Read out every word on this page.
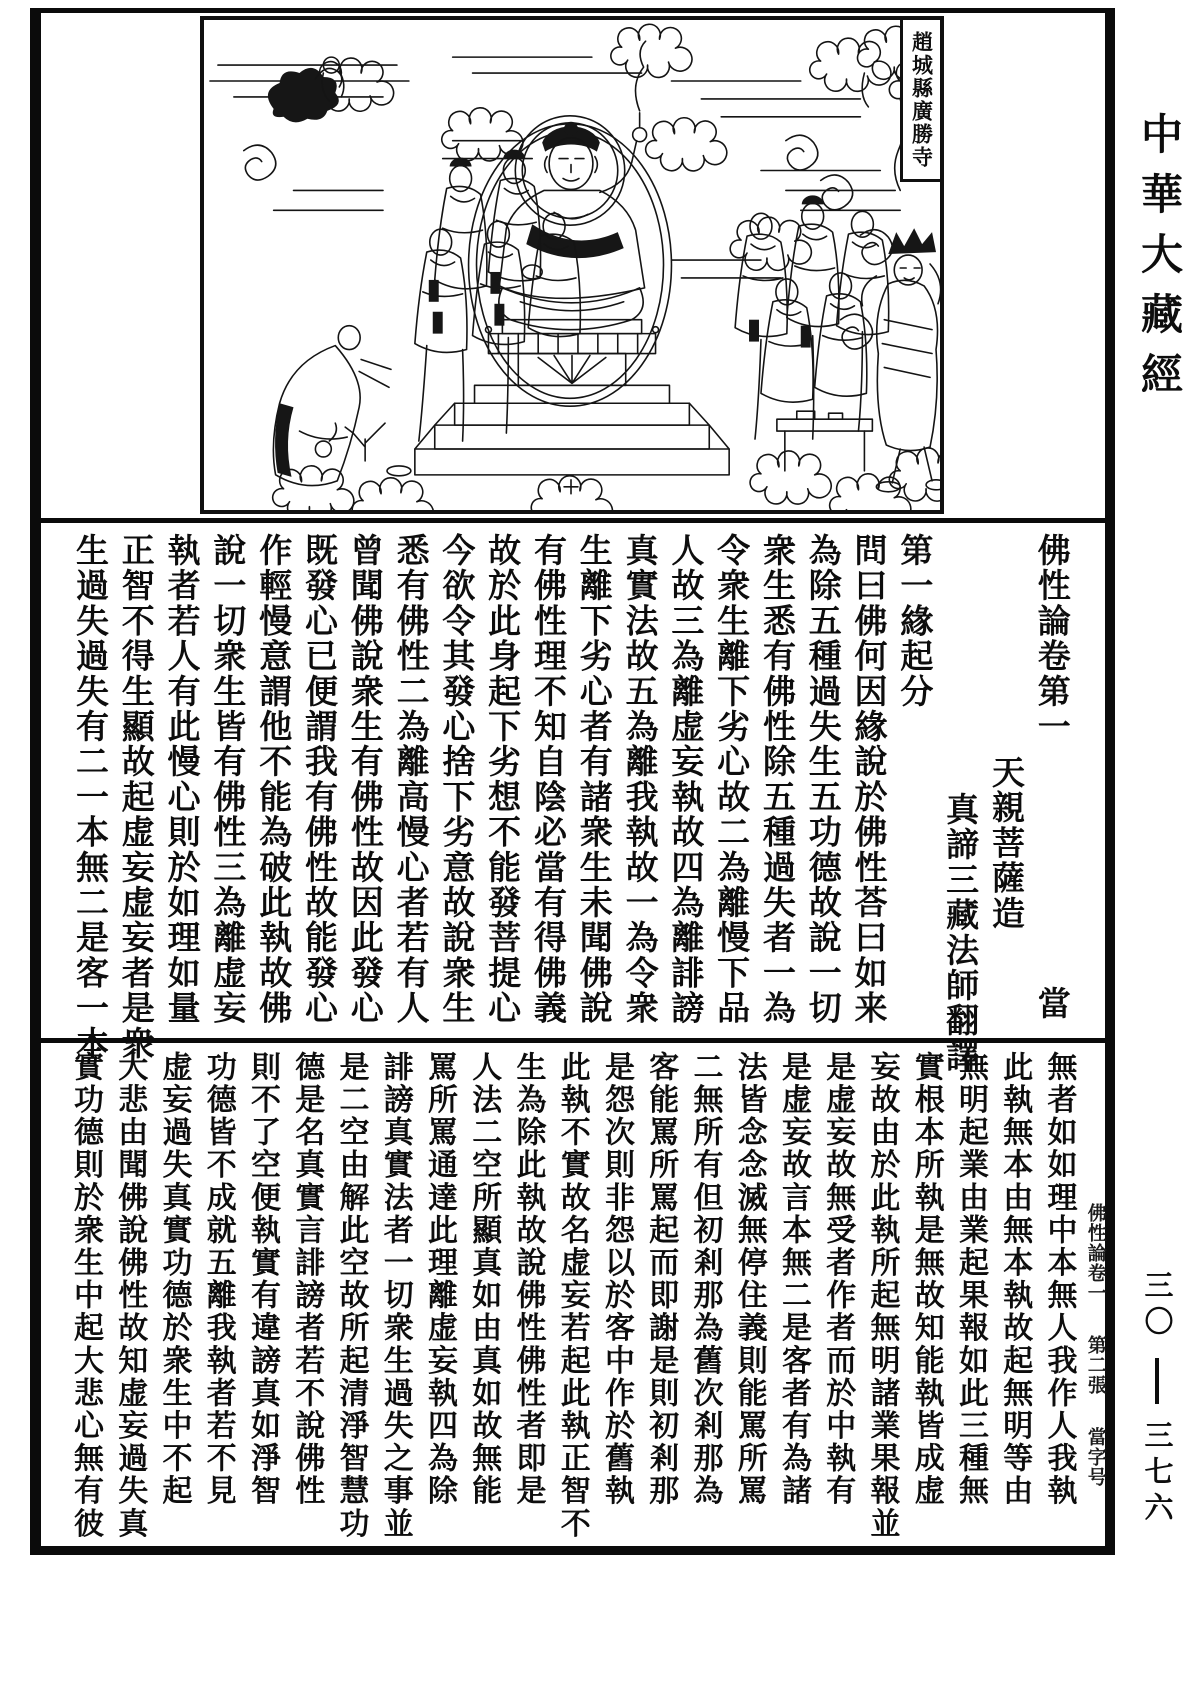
趙城縣廣勝寺
佛性論卷第一
當
天親菩薩造
真諦三藏法師翻譯
第一緣起分
問曰佛何因緣說於佛性荅曰如来
為除五種過失生五功德故說一切
衆生悉有佛性除五種過失者一為
令衆生離下劣心故二為離慢下品
人故三為離虚妄執故四為離誹謗
真實法故五為離我執故一為令衆
生離下劣心者有諸衆生未聞佛說
有佛性理不知自陰必當有得佛義
故於此身起下劣想不能發菩提心
今欲令其發心捨下劣意故說衆生
悉有佛性二為離高慢心者若有人
曾聞佛說衆生有佛性故因此發心
既發心已便謂我有佛性故能發心
作輕慢意謂他不能為破此執故佛
說一切衆生皆有佛性三為離虚妄
執者若人有此慢心則於如理如量
正智不得生顯故起虚妄虚妄者是衆
生過失過失有二一本無二是客一本
佛性論卷一第二張當字号
無者如如理中本無人我作人我執
此執無本由無本執故起無明等由
無明起業由業起果報如此三種無
實根本所執是無故知能執皆成虚
妄故由於此執所起無明諸業果報並
是虚妄故無受者作者而於中執有
是虚妄故言本無二是客者有為諸
法皆念念滅無停住義則能罵所罵
二無所有但初剎那為舊次剎那為
客能罵所罵起而即謝是則初剎那
是怨次則非怨以於客中作於舊執
此執不實故名虚妄若起此執正智不
生為除此執故說佛性佛性者即是
人法二空所顯真如由真如故無能
罵所罵通達此理離虚妄執四為除
誹謗真實法者一切衆生過失之事並
是二空由解此空故所起清淨智慧功
德是名真實言誹謗者若不說佛性
則不了空便執實有違謗真如淨智
功德皆不成就五離我執者若不見
虚妄過失真實功德於衆生中不起
大悲由聞佛說佛性故知虚妄過失真
實功德則於衆生中起大悲心無有彼
中華大藏經
三〇
三七六
